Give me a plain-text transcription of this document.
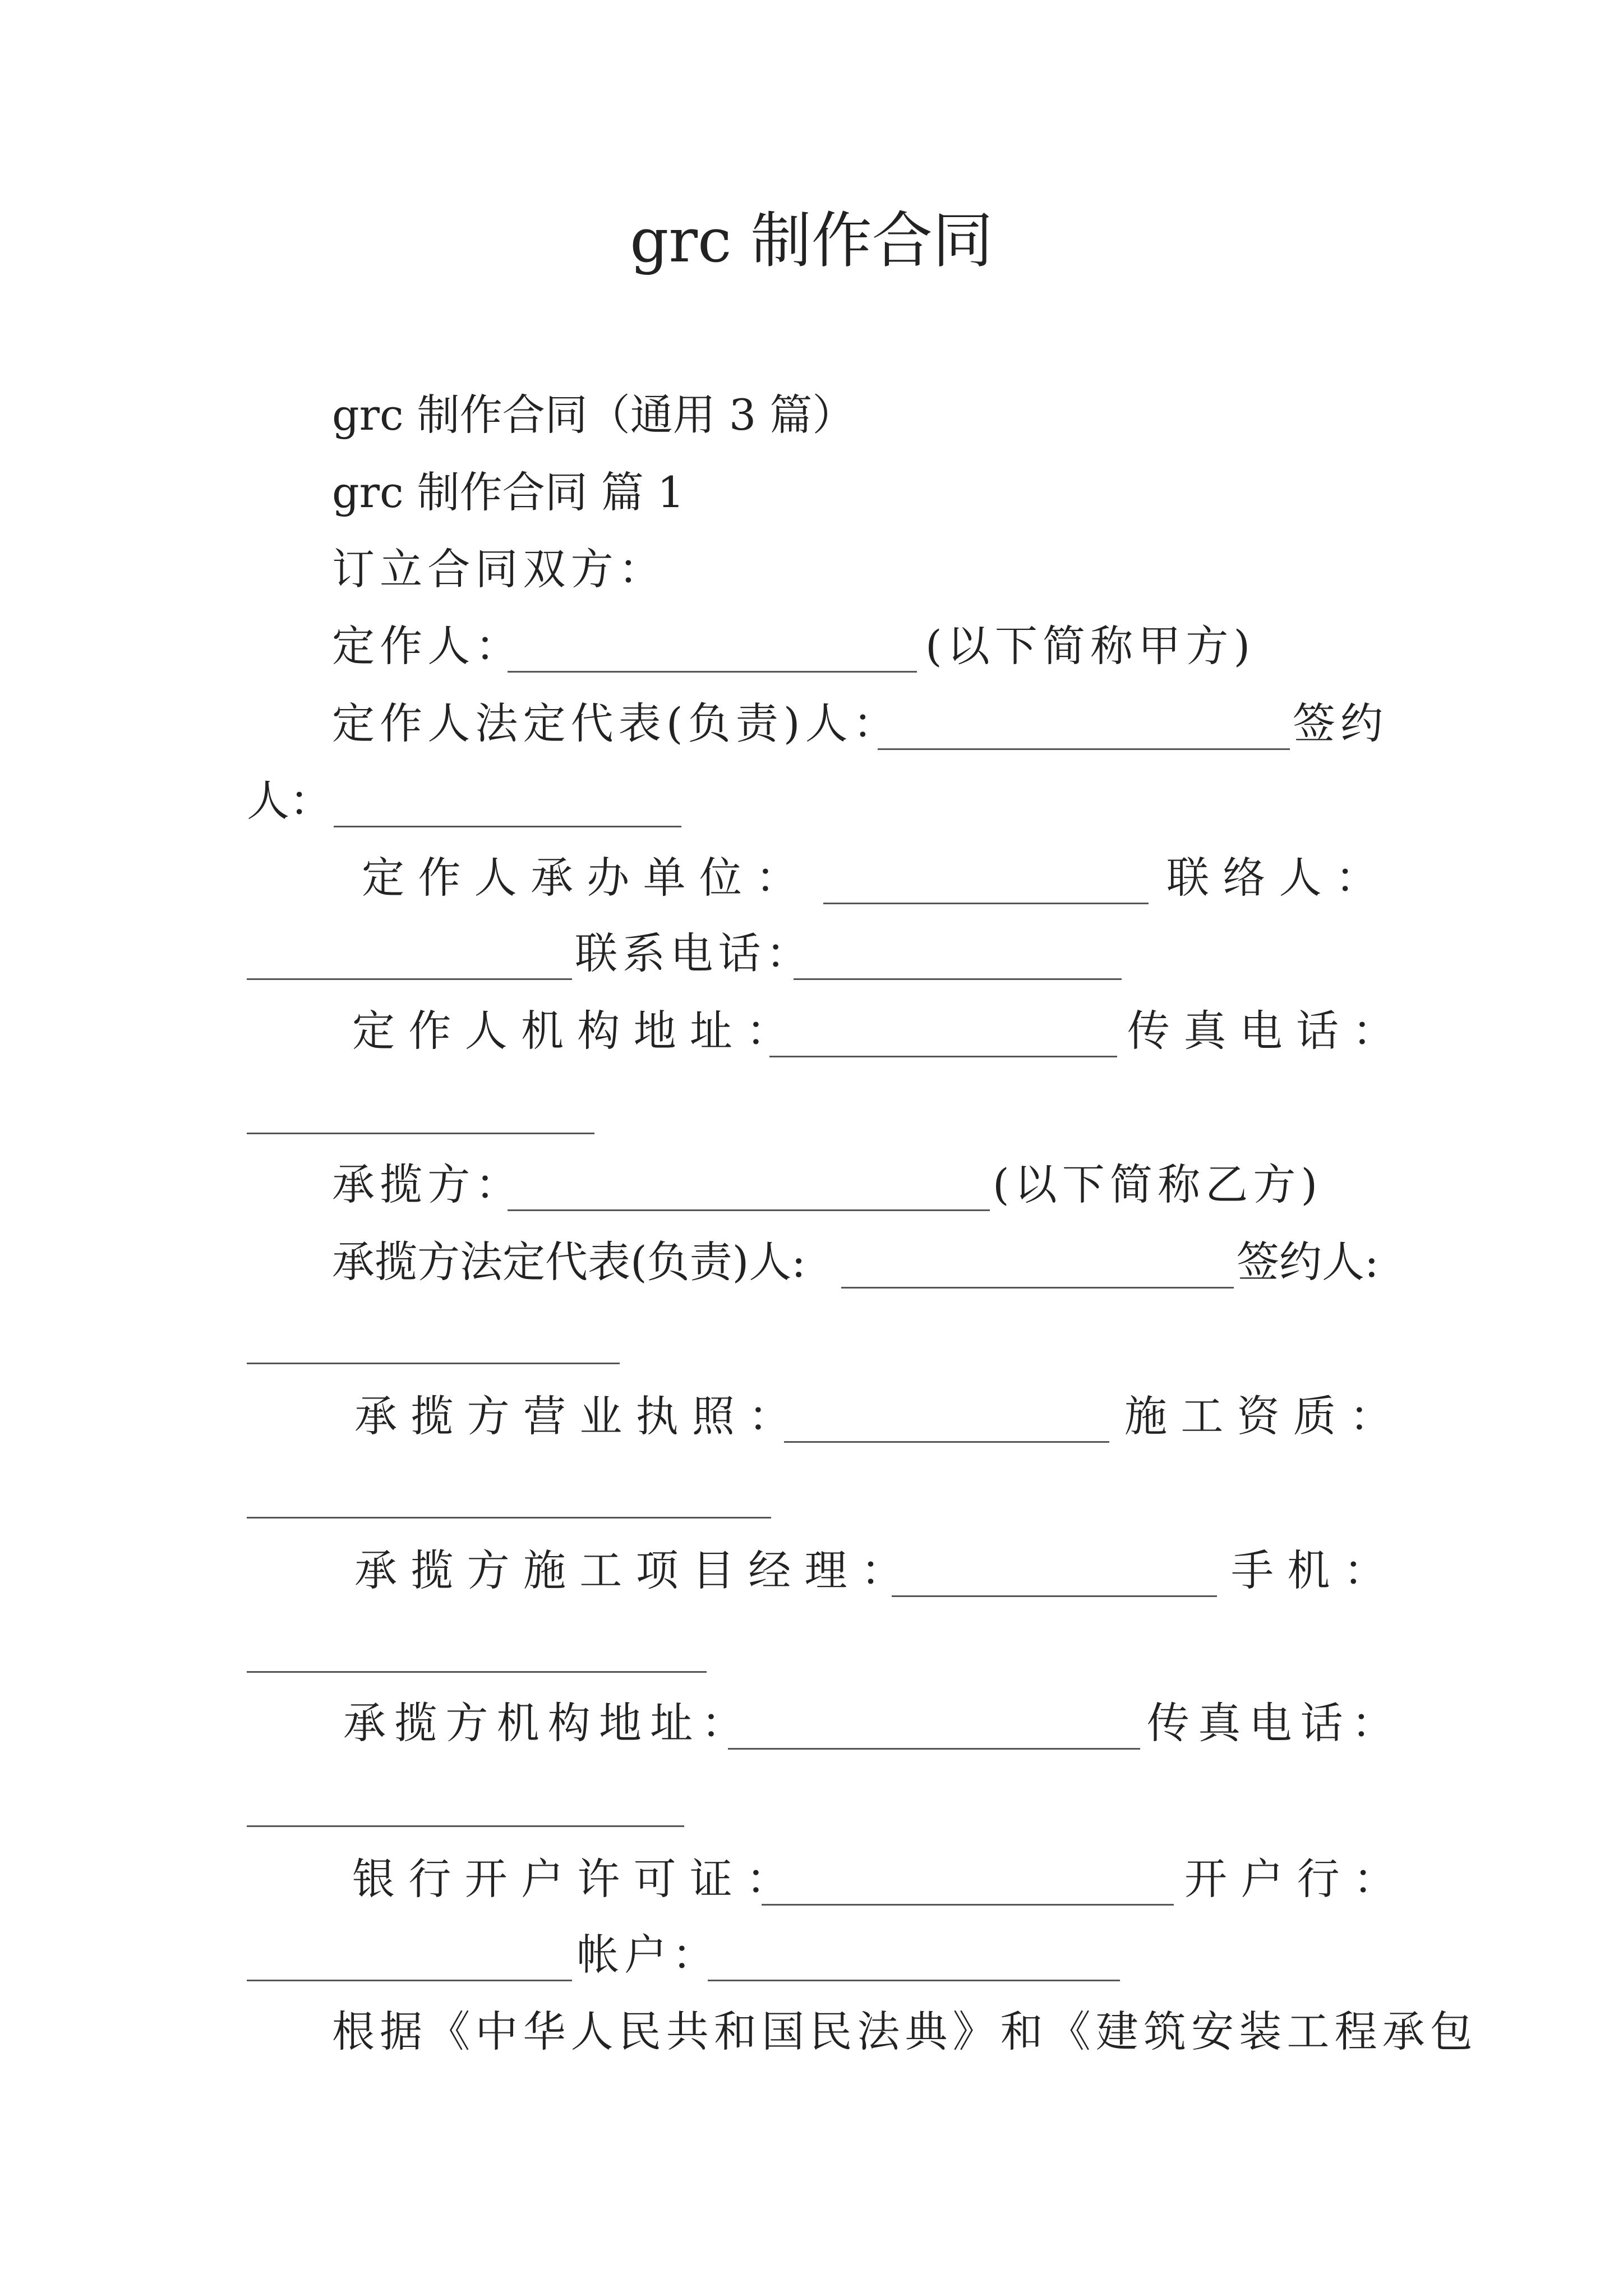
grc 制作合同
grc 制作合同（通用 3 篇）
grc 制作合同 篇 1
订立合同双方：
定作人：	(以下简称甲方)
定作人法定代表(负责)人：	签约
人：
定作人承办单位：	联络人：
联系电话：
定作人机构地址：	传真电话：
承揽方：	(以下简称乙方)
承揽方法定代表(负责)人:	签约人:
承揽方营业执照：	施工资质：
承揽方施工项目经理：	手机：
承揽方机构地址：	传真电话：
银行开户许可证：	开户行：
帐户：
根据《中华人民共和国民法典》和《建筑安装工程承包
